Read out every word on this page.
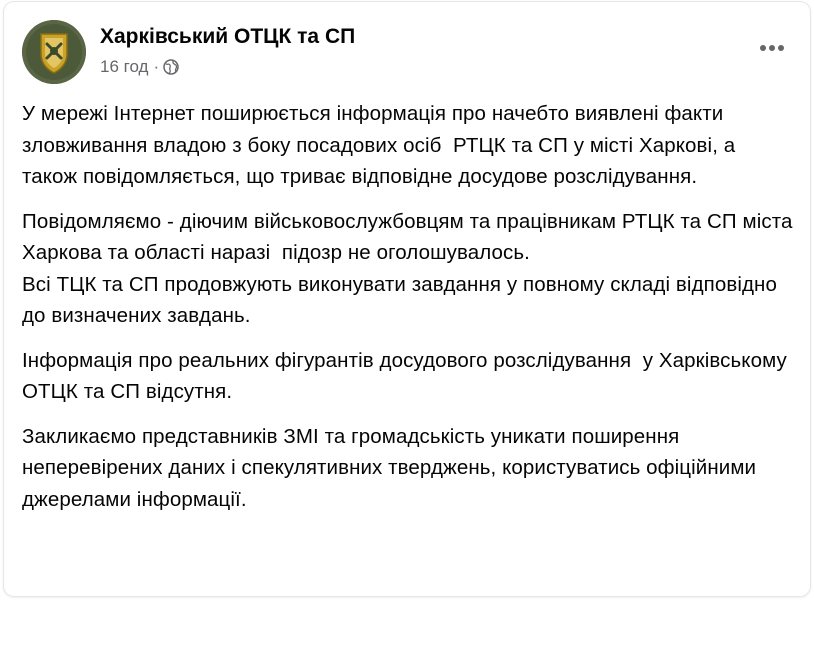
Харківський ОТЦК та СП
16 год ·

У мережі Інтернет поширюється інформація про начебто виявлені факти зловживання владою з боку посадових осіб  РТЦК та СП у місті Харкові, а також повідомляється, що триває відповідне досудове розслідування.

Повідомляємо - діючим військовослужбовцям та працівникам РТЦК та СП міста Харкова та області наразі  підозр не оголошувалось.
Всі ТЦК та СП продовжують виконувати завдання у повному складі відповідно до визначених завдань.

Інформація про реальних фігурантів досудового розслідування  у Харківському ОТЦК та СП відсутня.

Закликаємо представників ЗМІ та громадськість уникати поширення неперевірених даних і спекулятивних тверджень, користуватись офіційними джерелами інформації.
